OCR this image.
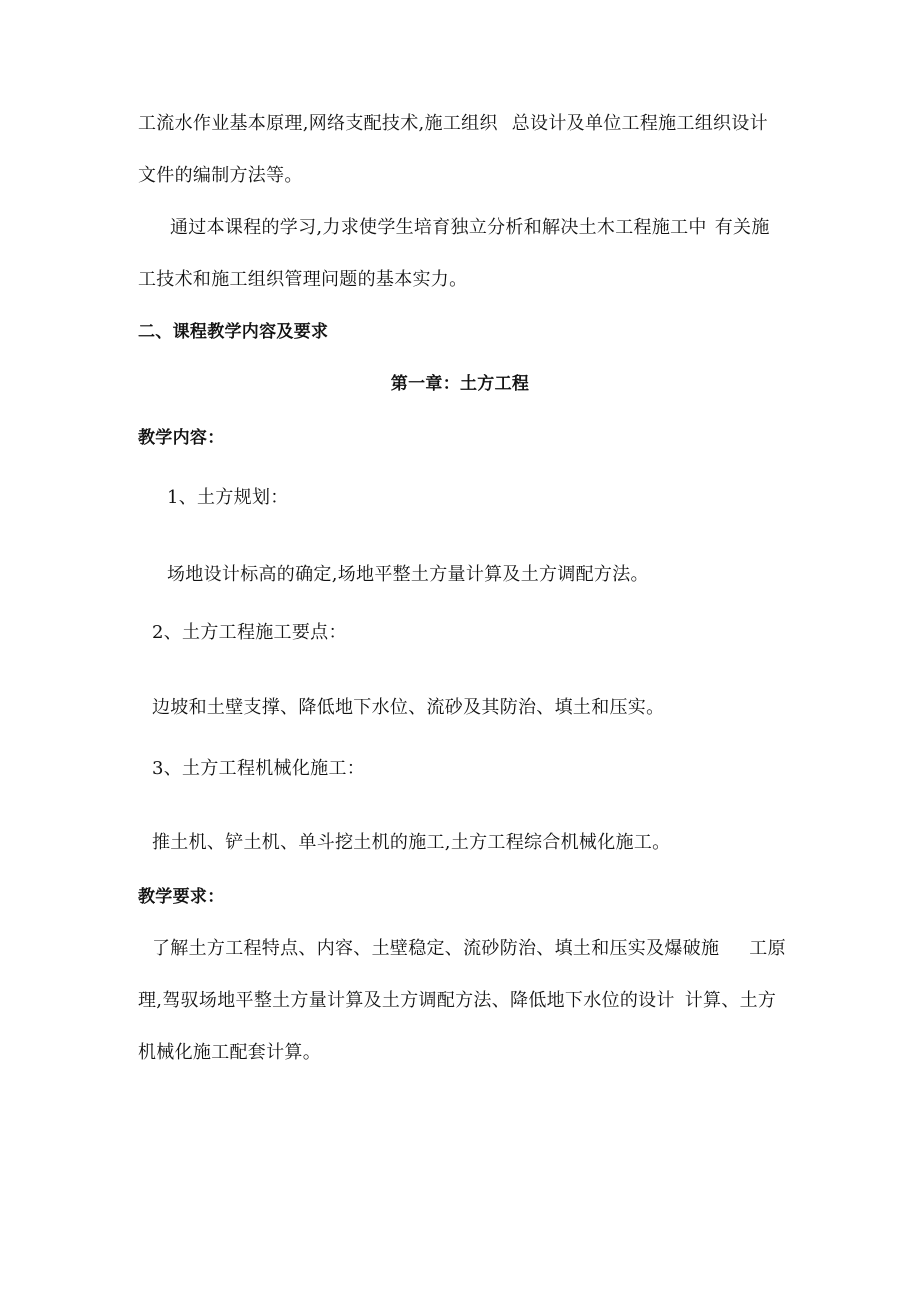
工流水作业基本原理,网络支配技术,施工组织 总设计及单位工程施工组织设计
文件的编制方法等。
通过本课程的学习,力求使学生培育独立分析和解决土木工程施工中 有关施
工技术和施工组织管理问题的基本实力。
二、课程教学内容及要求
第一章：土方工程
教学内容：
1、土方规划：
场地设计标高的确定,场地平整土方量计算及土方调配方法。
2、土方工程施工要点：
边坡和土壁支撑、降低地下水位、流砂及其防治、填土和压实。
3、土方工程机械化施工：
推土机、铲土机、单斗挖土机的施工,土方工程综合机械化施工。
教学要求：
了解土方工程特点、内容、土壁稳定、流砂防治、填土和压实及爆破施 工原
理,驾驭场地平整土方量计算及土方调配方法、降低地下水位的设计 计算、土方
机械化施工配套计算。
